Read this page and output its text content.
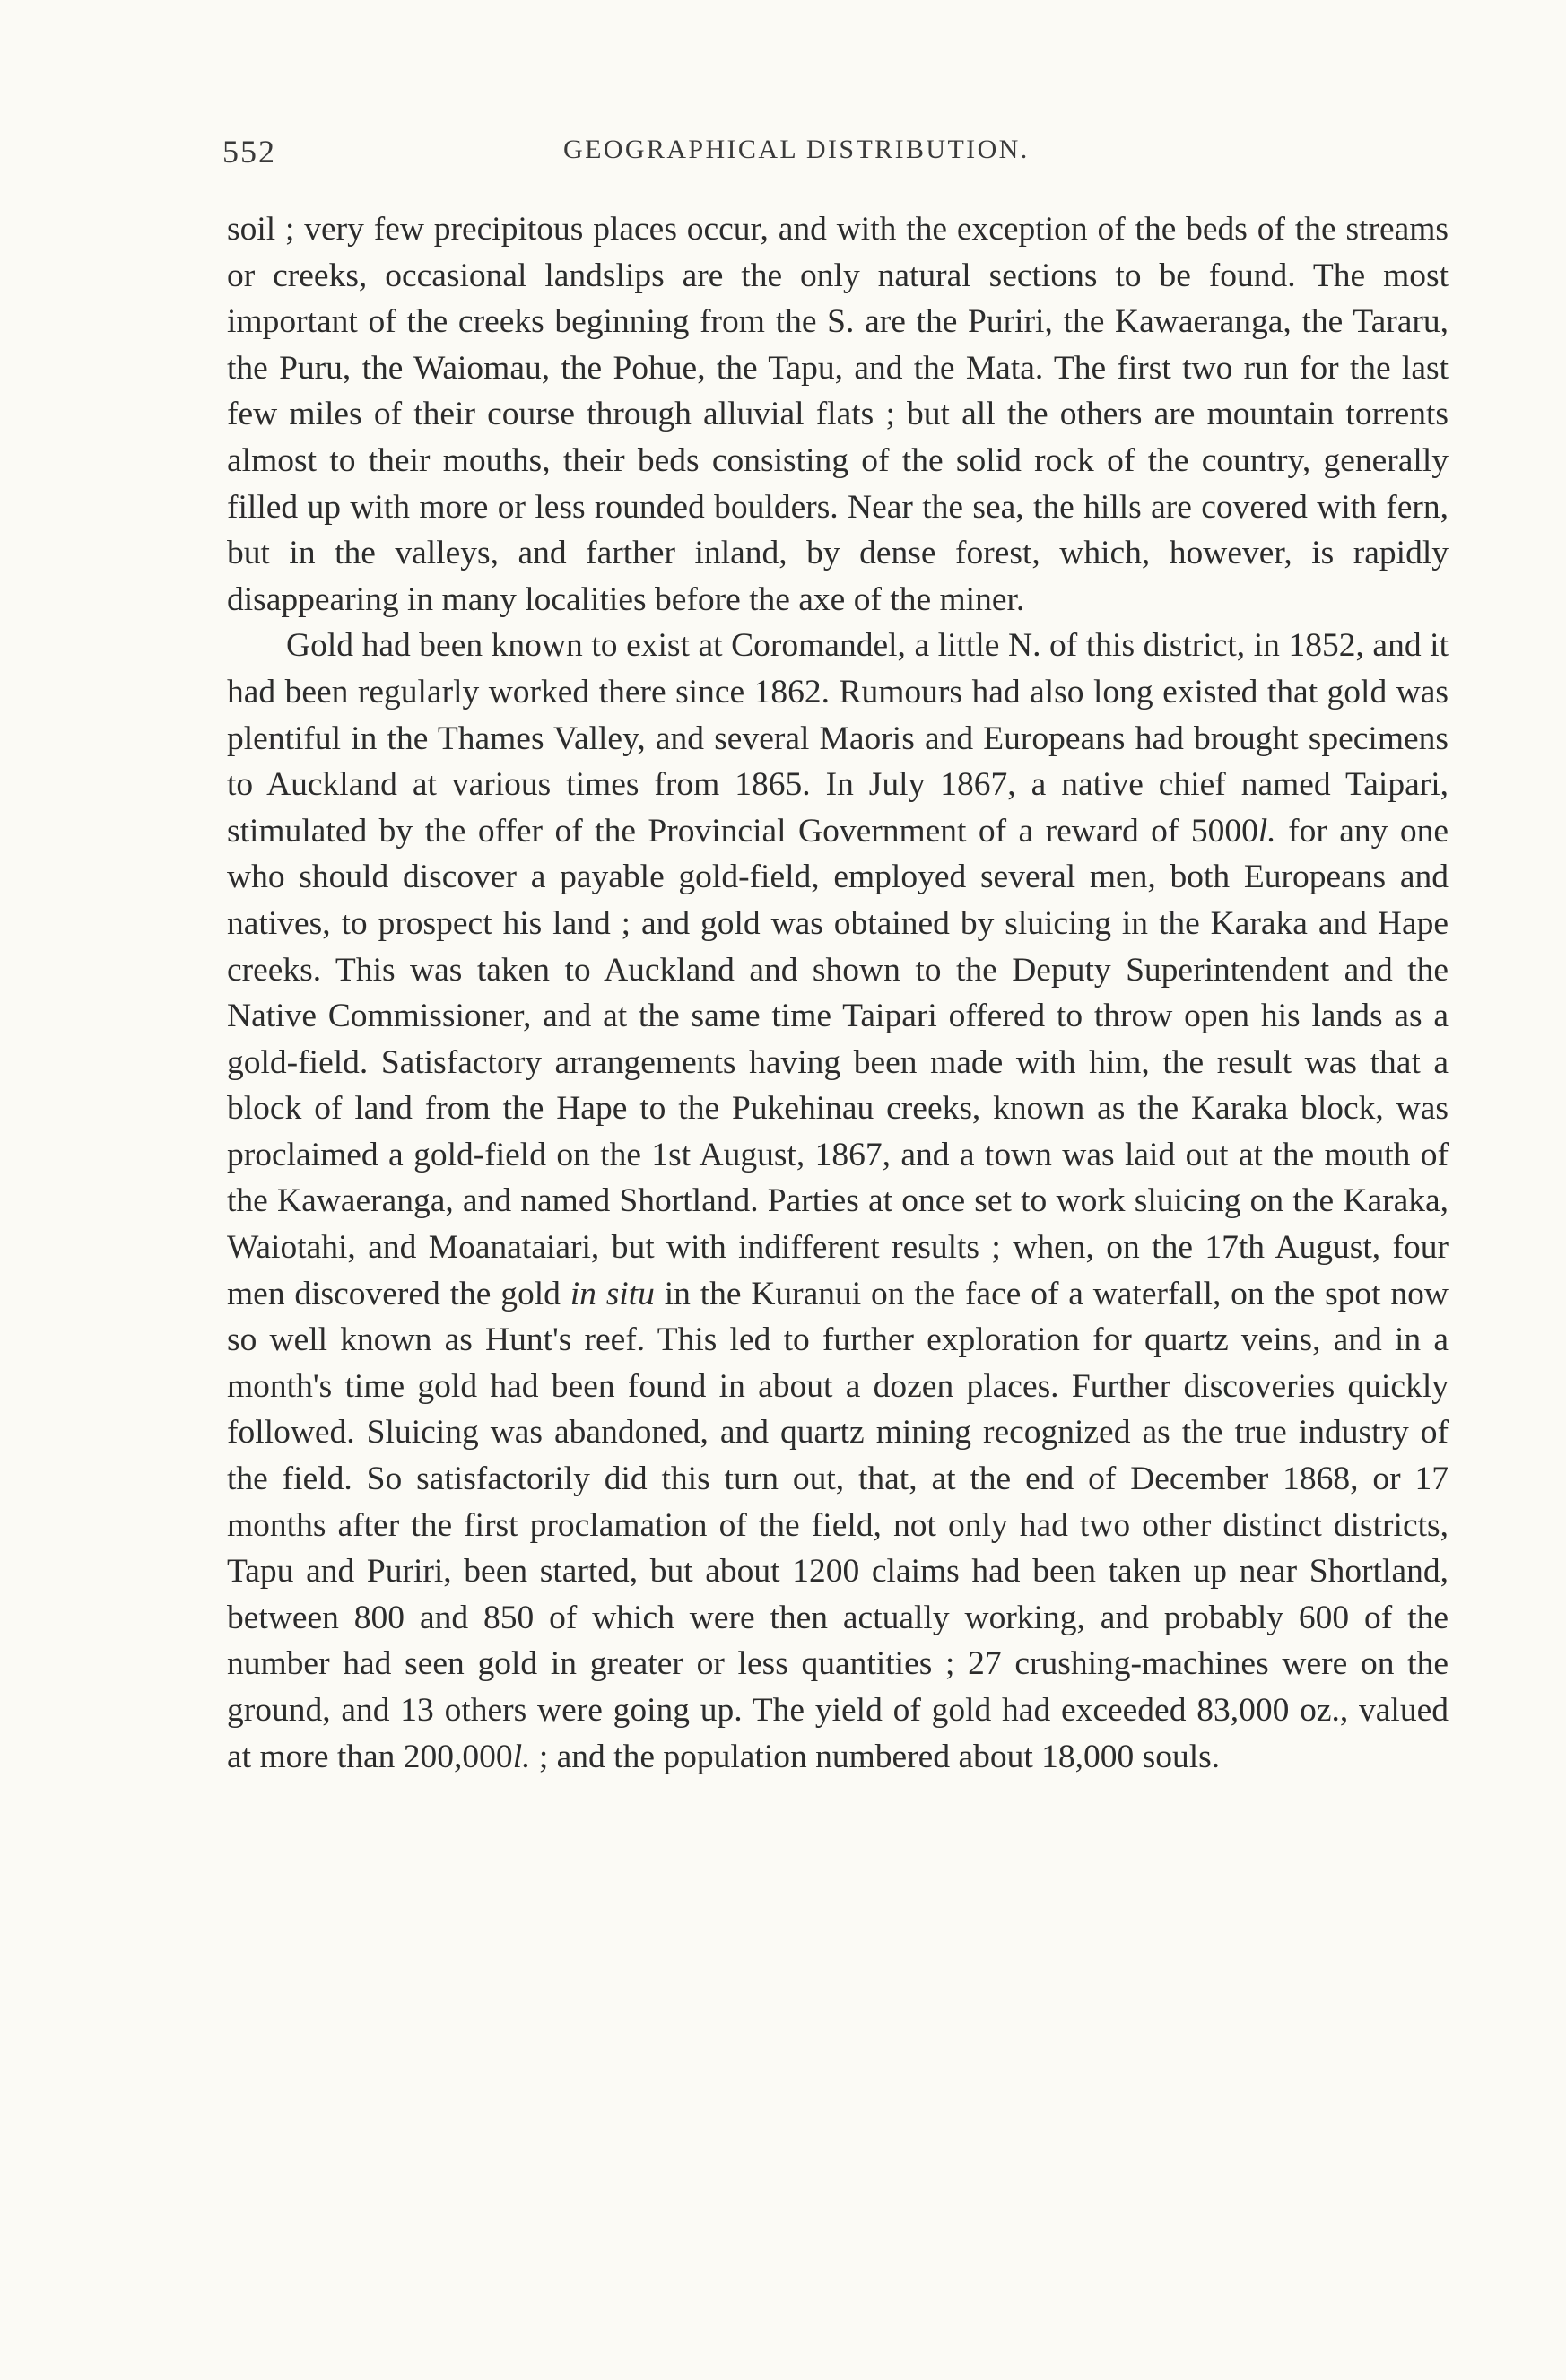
552	GEOGRAPHICAL DISTRIBUTION.

soil ; very few precipitous places occur, and with the exception of the beds of the streams or creeks, occasional landslips are the only natural sections to be found. The most important of the creeks beginning from the S. are the Puriri, the Kawaeranga, the Tararu, the Puru, the Waiomau, the Pohue, the Tapu, and the Mata. The first two run for the last few miles of their course through alluvial flats ; but all the others are mountain torrents almost to their mouths, their beds consisting of the solid rock of the country, generally filled up with more or less rounded boulders. Near the sea, the hills are covered with fern, but in the valleys, and farther inland, by dense forest, which, however, is rapidly disappearing in many localities before the axe of the miner.

Gold had been known to exist at Coromandel, a little N. of this district, in 1852, and it had been regularly worked there since 1862. Rumours had also long existed that gold was plentiful in the Thames Valley, and several Maoris and Europeans had brought specimens to Auckland at various times from 1865. In July 1867, a native chief named Taipari, stimulated by the offer of the Provincial Government of a reward of 5000l. for any one who should discover a payable gold-field, employed several men, both Europeans and natives, to prospect his land ; and gold was obtained by sluicing in the Karaka and Hape creeks. This was taken to Auckland and shown to the Deputy Superintendent and the Native Commissioner, and at the same time Taipari offered to throw open his lands as a gold-field. Satisfactory arrangements having been made with him, the result was that a block of land from the Hape to the Pukehinau creeks, known as the Karaka block, was proclaimed a gold-field on the 1st August, 1867, and a town was laid out at the mouth of the Kawaeranga, and named Shortland. Parties at once set to work sluicing on the Karaka, Waiotahi, and Moanataiari, but with indifferent results ; when, on the 17th August, four men discovered the gold in situ in the Kuranui on the face of a waterfall, on the spot now so well known as Hunt's reef. This led to further exploration for quartz veins, and in a month's time gold had been found in about a dozen places. Further discoveries quickly followed. Sluicing was abandoned, and quartz mining recognized as the true industry of the field. So satisfactorily did this turn out, that, at the end of December 1868, or 17 months after the first proclamation of the field, not only had two other distinct districts, Tapu and Puriri, been started, but about 1200 claims had been taken up near Shortland, between 800 and 850 of which were then actually working, and probably 600 of the number had seen gold in greater or less quantities ; 27 crushing-machines were on the ground, and 13 others were going up. The yield of gold had exceeded 83,000 oz., valued at more than 200,000l. ; and the population numbered about 18,000 souls.
